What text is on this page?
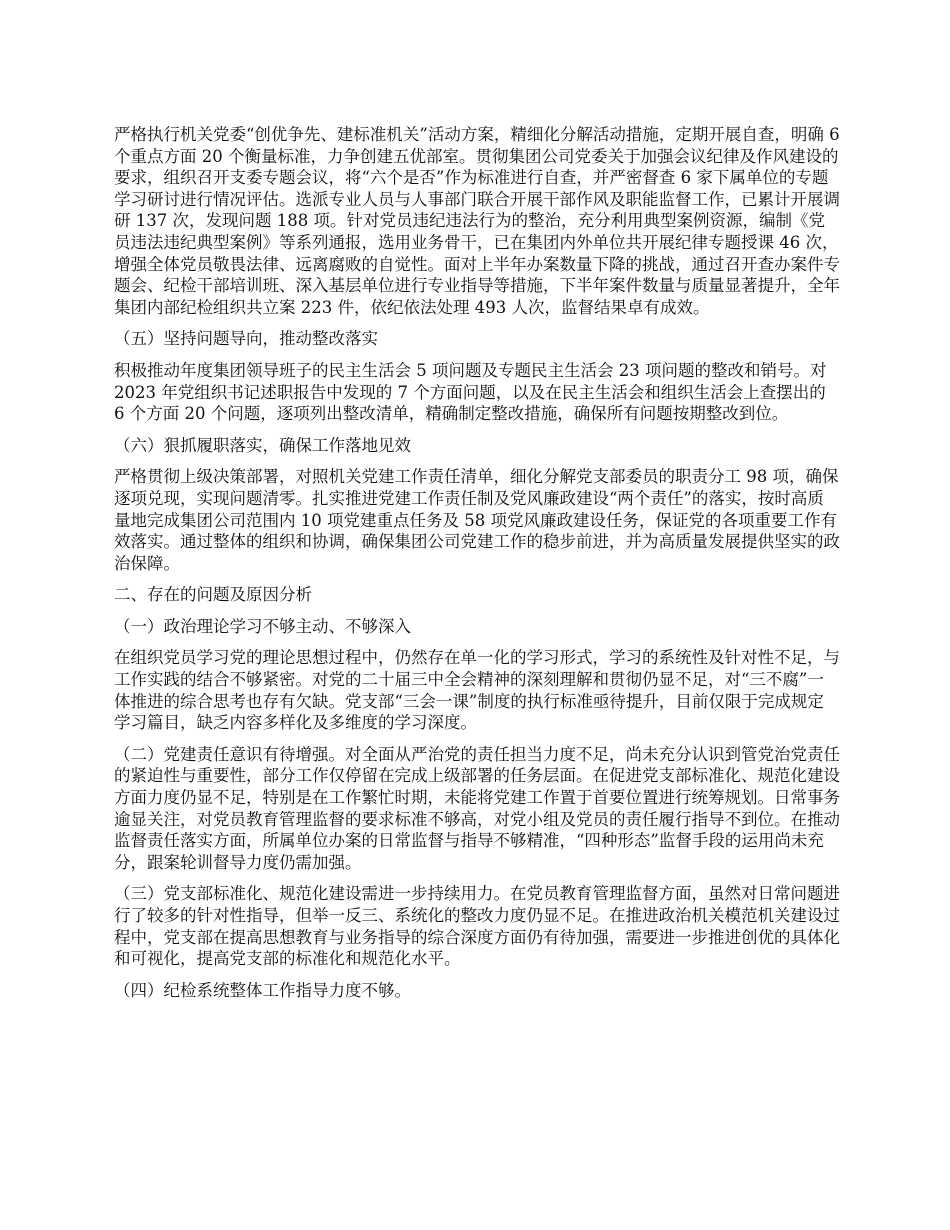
严格执行机关党委“创优争先、建标准机关”活动方案，精细化分解活动措施，定期开展自查，明确 6 个重点方面 20 个衡量标准，力争创建五优部室。贯彻集团公司党委关于加强会议纪律及作风建设的要求，组织召开支委专题会议，将“六个是否”作为标准进行自查，并严密督查 6 家下属单位的专题学习研讨进行情况评估。选派专业人员与人事部门联合开展干部作风及职能监督工作，已累计开展调研 137 次，发现问题 188 项。针对党员违纪违法行为的整治，充分利用典型案例资源，编制《党员违法违纪典型案例》等系列通报，选用业务骨干，已在集团内外单位共开展纪律专题授课 46 次，增强全体党员敬畏法律、远离腐败的自觉性。面对上半年办案数量下降的挑战，通过召开查办案件专题会、纪检干部培训班、深入基层单位进行专业指导等措施，下半年案件数量与质量显著提升，全年集团内部纪检组织共立案 223 件，依纪依法处理 493 人次，监督结果卓有成效。

（五）坚持问题导向，推动整改落实

积极推动年度集团领导班子的民主生活会 5 项问题及专题民主生活会 23 项问题的整改和销号。对 2023 年党组织书记述职报告中发现的 7 个方面问题，以及在民主生活会和组织生活会上查摆出的 6 个方面 20 个问题，逐项列出整改清单，精确制定整改措施，确保所有问题按期整改到位。

（六）狠抓履职落实，确保工作落地见效

严格贯彻上级决策部署，对照机关党建工作责任清单，细化分解党支部委员的职责分工 98 项，确保逐项兑现，实现问题清零。扎实推进党建工作责任制及党风廉政建设“两个责任”的落实，按时高质量地完成集团公司范围内 10 项党建重点任务及 58 项党风廉政建设任务，保证党的各项重要工作有效落实。通过整体的组织和协调，确保集团公司党建工作的稳步前进，并为高质量发展提供坚实的政治保障。

二、存在的问题及原因分析

（一）政治理论学习不够主动、不够深入

在组织党员学习党的理论思想过程中，仍然存在单一化的学习形式，学习的系统性及针对性不足，与工作实践的结合不够紧密。对党的二十届三中全会精神的深刻理解和贯彻仍显不足，对“三不腐”一体推进的综合思考也存有欠缺。党支部“三会一课”制度的执行标准亟待提升，目前仅限于完成规定学习篇目，缺乏内容多样化及多维度的学习深度。

（二）党建责任意识有待增强。对全面从严治党的责任担当力度不足，尚未充分认识到管党治党责任的紧迫性与重要性，部分工作仅停留在完成上级部署的任务层面。在促进党支部标准化、规范化建设方面力度仍显不足，特别是在工作繁忙时期，未能将党建工作置于首要位置进行统筹规划。日常事务逾显关注，对党员教育管理监督的要求标准不够高，对党小组及党员的责任履行指导不到位。在推动监督责任落实方面，所属单位办案的日常监督与指导不够精准，“四种形态”监督手段的运用尚未充分，跟案轮训督导力度仍需加强。

（三）党支部标准化、规范化建设需进一步持续用力。在党员教育管理监督方面，虽然对日常问题进行了较多的针对性指导，但举一反三、系统化的整改力度仍显不足。在推进政治机关模范机关建设过程中，党支部在提高思想教育与业务指导的综合深度方面仍有待加强，需要进一步推进创优的具体化和可视化，提高党支部的标准化和规范化水平。

（四）纪检系统整体工作指导力度不够。
